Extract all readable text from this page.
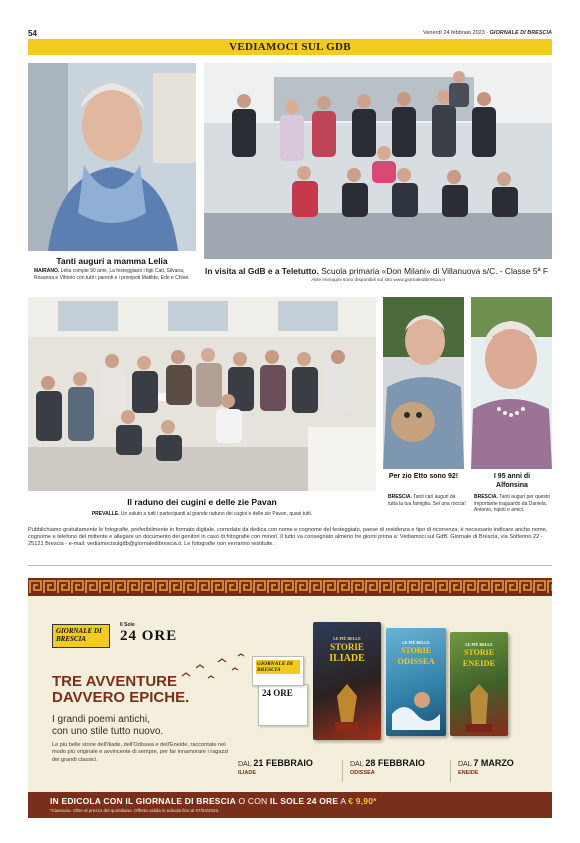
54	Venerdì 24 febbraio 2023 · GIORNALE DI BRESCIA
VEDIAMOCI SUL GDB
Tanti auguri a mamma Lelia
MAIRANO. Lelia compie 90 anni. La festeggiano i figli Cati, Silvana, Rosanna e Vittorio con tutti i parenti e i pronipoti Matilde, Edo e Chloe.
In visita al GdB e a Teletutto. Scuola primaria «Don Milani» di Villanuova s/C. - Classe 5ª F
Altre immagini sono disponibili sul sito www.giornaledibrescia.it
Il raduno dei cugini e delle zie Pavan
PREVALLE. Un saluto a tutti i partecipanti al grande raduno dei cugini e delle zie Pavan, quasi tutti.
Per zio Etto sono 92!
BRESCIA. Tanti cari auguri da tutta la tua famiglia. Sei una roccia!
I 95 anni di Alfonsina
BRESCIA. Tanti auguri per questo importante traguardo da Daniela, Antonio, nipoti e amici.
Pubblichiamo gratuitamente le fotografie, preferibilmente in formato digitale, corredate da dedica con nome e cognome del festeggiato, paese di residenza e tipo di ricorrenza; è necessario indicare anche nome, cognome e telefono del mittente e allegare un documento dei genitori in caso di fotografie con minori. Il tutto va consegnato almeno tre giorni prima a: Vediamoci sul GdB, Giornale di Brescia, via Solferino 22 - 25121 Brescia - e-mail: vediamocisulgdb@giornaledibrescia.it. Le fotografie non verranno restituite.
GIORNALE DI BRESCIA
Il Sole
24 ORE
TRE AVVENTURE
DAVVERO EPICHE.
I grandi poemi antichi,
con uno stile tutto nuovo.
Le più belle storie dell'Iliade, dell'Odissea e dell'Eneide, raccontate nel modo più originale e avvincente di sempre, per far innamorare i ragazzi dei grandi classici.
24 ORE
GIORNALE DI BRESCIA
LE PIÙ BELLE
STORIE
ILIADE
LE PIÙ BELLE
STORIE
ODISSEA
LE PIÙ BELLE
STORIE
ENEIDE
DAL 21 FEBBRAIO
ILIADE
DAL 28 FEBBRAIO
ODISSEA
DAL 7 MARZO
ENEIDE
IN EDICOLA CON IL GIORNALE DI BRESCIA O CON IL SOLE 24 ORE A € 9,90*
*Ciascuno. Oltre al prezzo del quotidiano. Offerta valida in edicola fino al 07/04/2023.
